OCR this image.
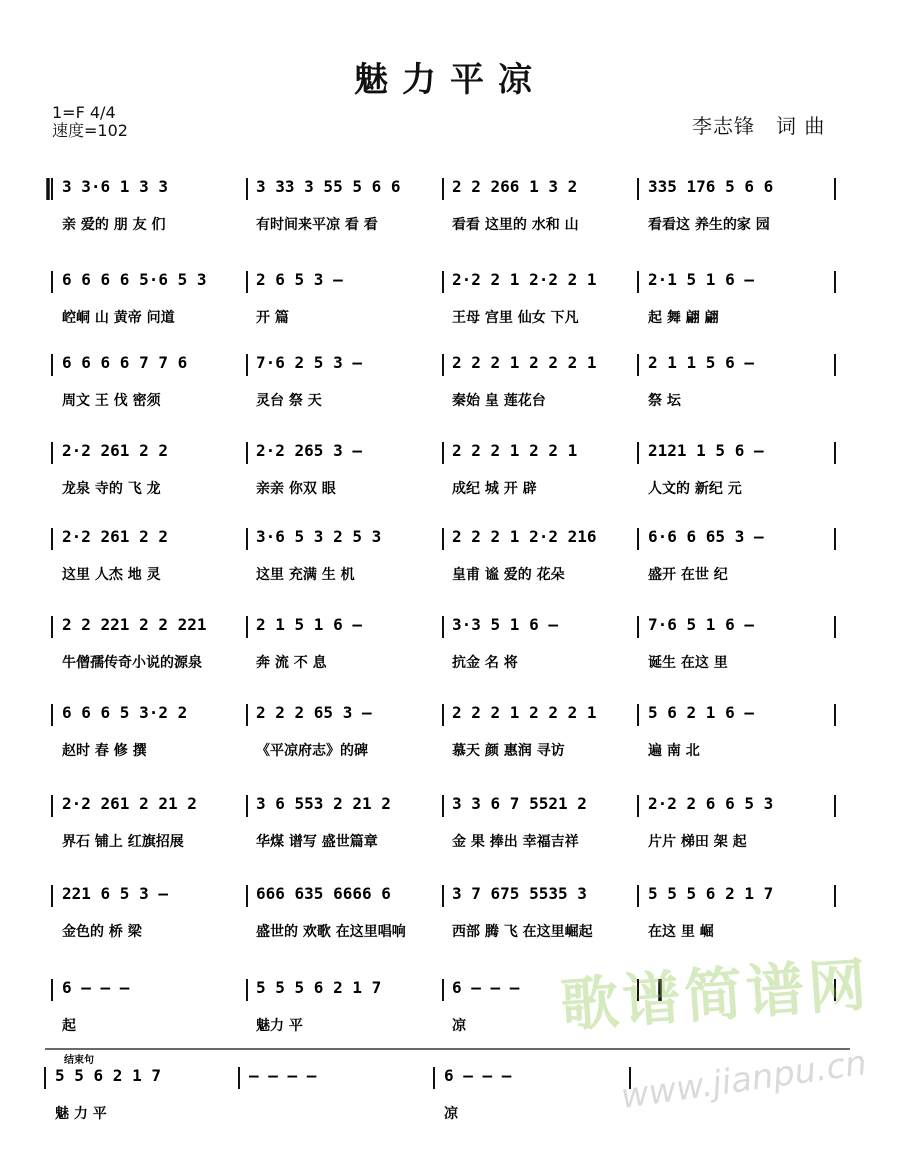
魅力平凉
1=F 4/4
速度=102	李志锋　词 曲
3 3·6 1 3 3	3 33 3 55 5 6 6	2 2 266 1 3 2	335 176 5 6 6
6 6 6 6 5·6 5 3	2 6 5 3 –	2·2 2 1 2·2 2 1	2·1 5 1 6 –
6 6 6 6 7 7 6	7·6 2 5 3 –	2 2 2 1 2 2 2 1	2 1 1 5 6 –
2·2 261 2 2	2·2 265 3 –	2 2 2 1 2 2 1	2121 1 5 6 –
2·2 261 2 2	3·6 5 3 2 5 3	2 2 2 1 2·2 216	6·6 6 65 3 –
2 2 221 2 2 221	2 1 5 1 6 –	3·3 5 1 6 –	7·6 5 1 6 –
6 6 6 5 3·2 2	2 2 2 65 3 –	2 2 2 1 2 2 2 1	5 6 2 1 6 –
2·2 261 2 21 2	3 6 553 2 21 2	3 3 6 7 5521 2	2·2 2 6 6 5 3
221 6 5 3 –	666 635 6666 6	3 7 675 5535 3	5 5 5 6 2 1 7
6 – – –	5 5 5 6 2 1 7	6 – – –
5 5 6 2 1 7	– – – –	6 – – –
亲 爱的 朋 友 们	有时间来平凉 看 看	看看 这里的 水和 山	看看这 养生的家 园
崆峒 山 黄帝 问道	开 篇	王母 宫里 仙女 下凡	起 舞 翩 翩
周文 王 伐 密须	灵台 祭 天	秦始 皇 莲花台	祭 坛
龙泉 寺的 飞 龙	亲亲 你双 眼	成纪 城 开 辟	人文的 新纪 元
这里 人杰 地 灵	这里 充满 生 机	皇甫 谧 爱的 花朵	盛开 在世 纪
牛僧孺传奇小说的源泉	奔 流 不 息	抗金 名 将	诞生 在这 里
赵时 春 修 撰	《平凉府志》的碑	慕天 颜 惠润 寻访	遍 南 北
界石 铺上 红旗招展	华煤 谱写 盛世篇章	金 果 捧出 幸福吉祥	片片 梯田 架 起
金色的 桥 梁	盛世的 欢歌 在这里唱响	西部 腾 飞 在这里崛起	在这 里 崛
起	魅力 平	凉
魅 力 平	凉
结束句
歌谱简谱网
www.jianpu.cn
